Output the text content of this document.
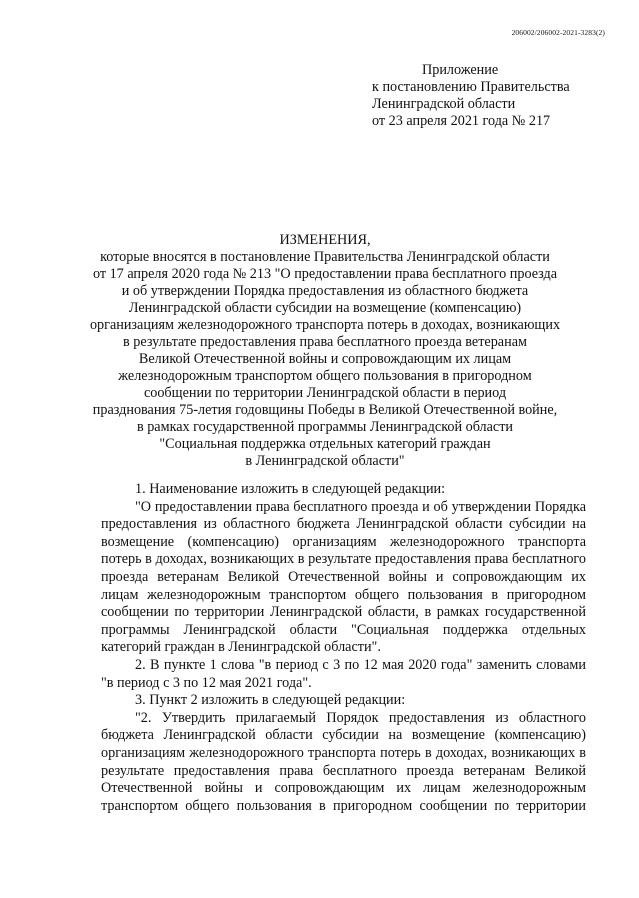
206002/206002-2021-3283(2)
Приложение
к постановлению Правительства
Ленинградской области
от 23 апреля 2021 года № 217
ИЗМЕНЕНИЯ,
которые вносятся в постановление Правительства Ленинградской области
от 17 апреля 2020 года № 213 "О предоставлении права бесплатного проезда
и об утверждении Порядка предоставления из областного бюджета
Ленинградской области субсидии на возмещение (компенсацию)
организациям железнодорожного транспорта потерь в доходах, возникающих
в результате предоставления права бесплатного проезда ветеранам
Великой Отечественной войны и сопровождающим их лицам
железнодорожным транспортом общего пользования в пригородном
сообщении по территории Ленинградской области в период
празднования 75-летия годовщины Победы в Великой Отечественной войне,
в рамках государственной программы Ленинградской области
"Социальная поддержка отдельных категорий граждан
в Ленинградской области"

1. Наименование изложить в следующей редакции:

"О предоставлении права бесплатного проезда и об утверждении Порядка предоставления из областного бюджета Ленинградской области субсидии на возмещение (компенсацию) организациям железнодорожного транспорта потерь в доходах, возникающих в результате предоставления права бесплатного проезда ветеранам Великой Отечественной войны и сопровождающим их лицам железнодорожным транспортом общего пользования в пригородном сообщении по территории Ленинградской области, в рамках государственной программы Ленинградской области "Социальная поддержка отдельных категорий граждан в Ленинградской области".

2. В пункте 1 слова "в период с 3 по 12 мая 2020 года" заменить словами "в период с 3 по 12 мая 2021 года".

3. Пункт 2 изложить в следующей редакции:

"2. Утвердить прилагаемый Порядок предоставления из областного бюджета Ленинградской области субсидии на возмещение (компенсацию) организациям железнодорожного транспорта потерь в доходах, возникающих в результате предоставления права бесплатного проезда ветеранам Великой Отечественной войны и сопровождающим их лицам железнодорожным транспортом общего пользования в пригородном сообщении по территории
